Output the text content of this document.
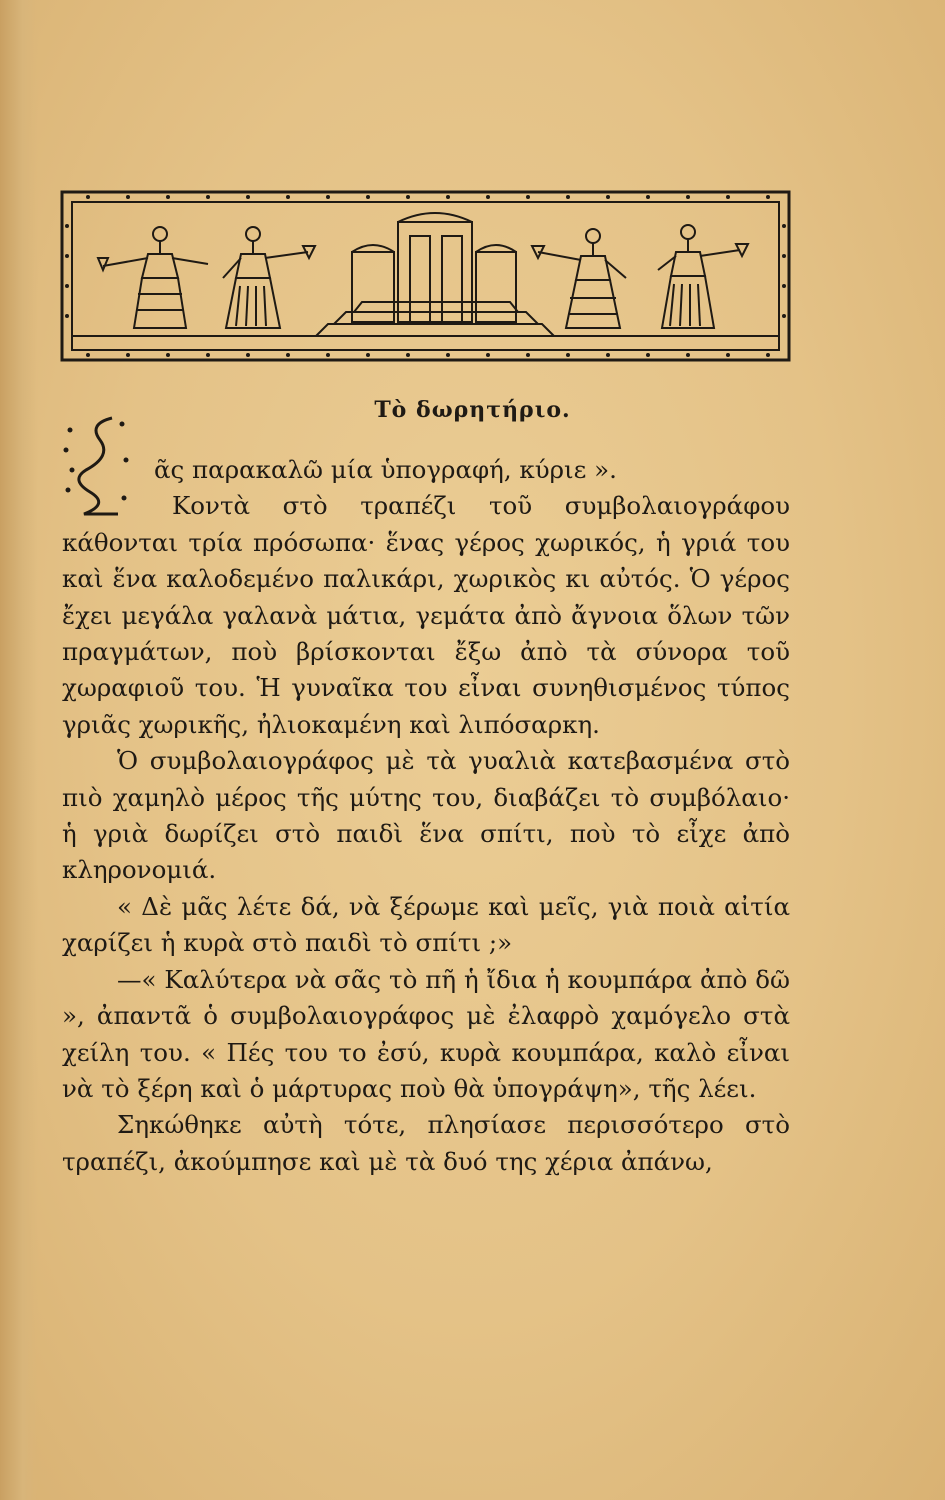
Τὸ δωρητήριο.

ᾶς παρακαλῶ μία ὑπογραφή, κύριε ».

Κοντὰ στὸ τραπέζι τοῦ συμβολαιογράφου κάθονται τρία πρόσωπα· ἕνας γέρος χωρικός, ἡ γριά του καὶ ἕνα καλοδεμένο παλικάρι, χωρικὸς κι αὐτός. Ὁ γέρος ἔχει μεγάλα γαλανὰ μάτια, γεμάτα ἀπὸ ἄγνοια ὅλων τῶν πραγμάτων, ποὺ βρίσκονται ἔξω ἀπὸ τὰ σύνορα τοῦ χωραφιοῦ του. Ἡ γυναῖκα του εἶναι συνηθισμένος τύπος γριᾶς χωρικῆς, ἠλιοκαμένη καὶ λιπόσαρκη.

Ὁ συμβολαιογράφος μὲ τὰ γυαλιὰ κατεβασμένα στὸ πιὸ χαμηλὸ μέρος τῆς μύτης του, διαβάζει τὸ συμβόλαιο· ἡ γριὰ δωρίζει στὸ παιδὶ ἕνα σπίτι, ποὺ τὸ εἶχε ἀπὸ κληρονομιά.

« Δὲ μᾶς λέτε δά, νὰ ξέρωμε καὶ μεῖς, γιὰ ποιὰ αἰτία χαρίζει ἡ κυρὰ στὸ παιδὶ τὸ σπίτι ;»

—« Καλύτερα νὰ σᾶς τὸ πῆ ἡ ἴδια ἡ κουμπάρα ἀπὸ δῶ », ἀπαντᾶ ὁ συμβολαιογράφος μὲ ἐλαφρὸ χαμόγελο στὰ χείλη του. « Πές του το ἐσύ, κυρὰ κουμπάρα, καλὸ εἶναι νὰ τὸ ξέρη καὶ ὁ μάρτυρας ποὺ θὰ ὑπογράψη», τῆς λέει.

Σηκώθηκε αὐτὴ τότε, πλησίασε περισσότερο στὸ τραπέζι, ἀκούμπησε καὶ μὲ τὰ δυό της χέρια ἀπάνω,
